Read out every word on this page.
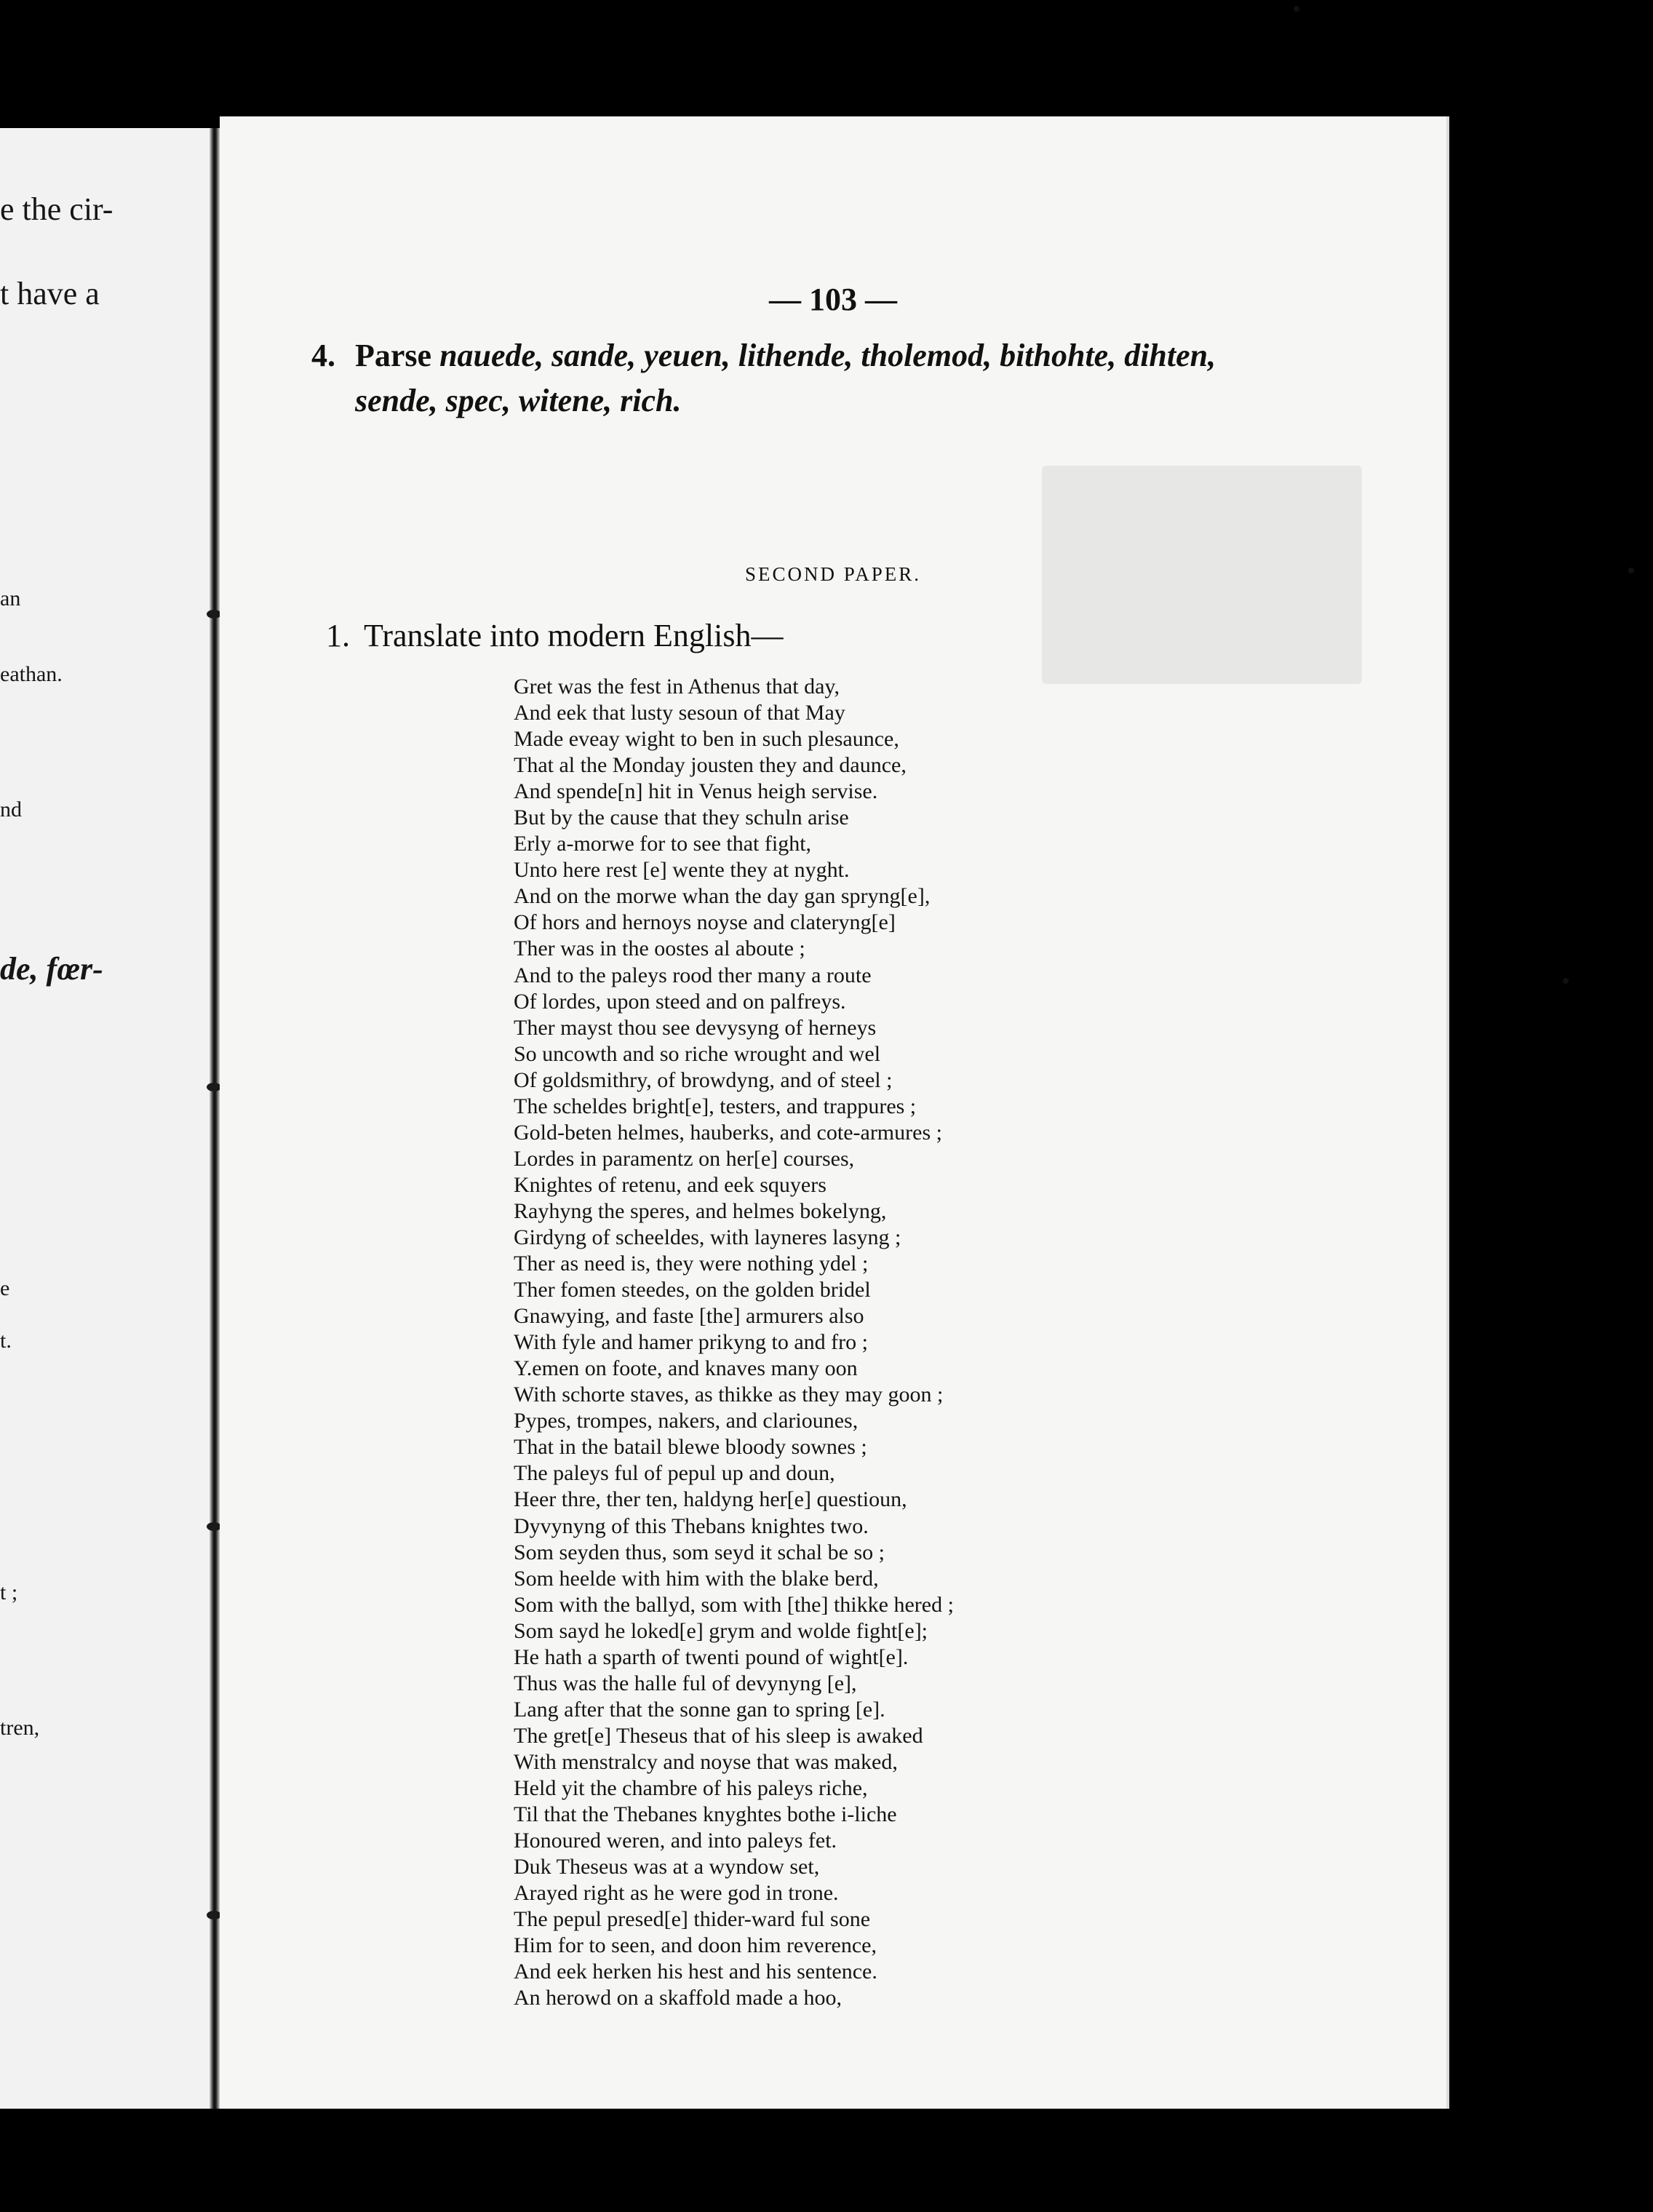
e the cir-
t have a
an
eathan.
nd
de, fœr-
e
t.
t ;
tren,
— 103 —
4. Parse nauede, sande, yeuen, lithende, tholemod, bithohte, dihten,
sende, spec, witene, rich.
SECOND PAPER.
1. Translate into modern English—
Gret was the fest in Athenus that day,
And eek that lusty sesoun of that May
Made eveay wight to ben in such plesaunce,
That al the Monday jousten they and daunce,
And spende[n] hit in Venus heigh servise.
But by the cause that they schuln arise
Erly a-morwe for to see that fight,
Unto here rest [e] wente they at nyght.
And on the morwe whan the day gan spryng[e],
Of hors and hernoys noyse and clateryng[e]
Ther was in the oostes al aboute ;
And to the paleys rood ther many a route
Of lordes, upon steed and on palfreys.
Ther mayst thou see devysyng of herneys
So uncowth and so riche wrought and wel
Of goldsmithry, of browdyng, and of steel ;
The scheldes bright[e], testers, and trappures ;
Gold-beten helmes, hauberks, and cote-armures ;
Lordes in paramentz on her[e] courses,
Knightes of retenu, and eek squyers
Rayhyng the speres, and helmes bokelyng,
Girdyng of scheeldes, with layneres lasyng ;
Ther as need is, they were nothing ydel ;
Ther fomen steedes, on the golden bridel
Gnawying, and faste [the] armurers also
With fyle and hamer prikyng to and fro ;
Y.emen on foote, and knaves many oon
With schorte staves, as thikke as they may goon ;
Pypes, trompes, nakers, and clariounes,
That in the batail blewe bloody sownes ;
The paleys ful of pepul up and doun,
Heer thre, ther ten, haldyng her[e] questioun,
Dyvynyng of this Thebans knightes two.
Som seyden thus, som seyd it schal be so ;
Som heelde with him with the blake berd,
Som with the ballyd, som with [the] thikke hered ;
Som sayd he loked[e] grym and wolde fight[e];
He hath a sparth of twenti pound of wight[e].
Thus was the halle ful of devynyng [e],
Lang after that the sonne gan to spring [e].
The gret[e] Theseus that of his sleep is awaked
With menstralcy and noyse that was maked,
Held yit the chambre of his paleys riche,
Til that the Thebanes knyghtes bothe i-liche
Honoured weren, and into paleys fet.
Duk Theseus was at a wyndow set,
Arayed right as he were god in trone.
The pepul presed[e] thider-ward ful sone
Him for to seen, and doon him reverence,
And eek herken his hest and his sentence.
An herowd on a skaffold made a hoo,
